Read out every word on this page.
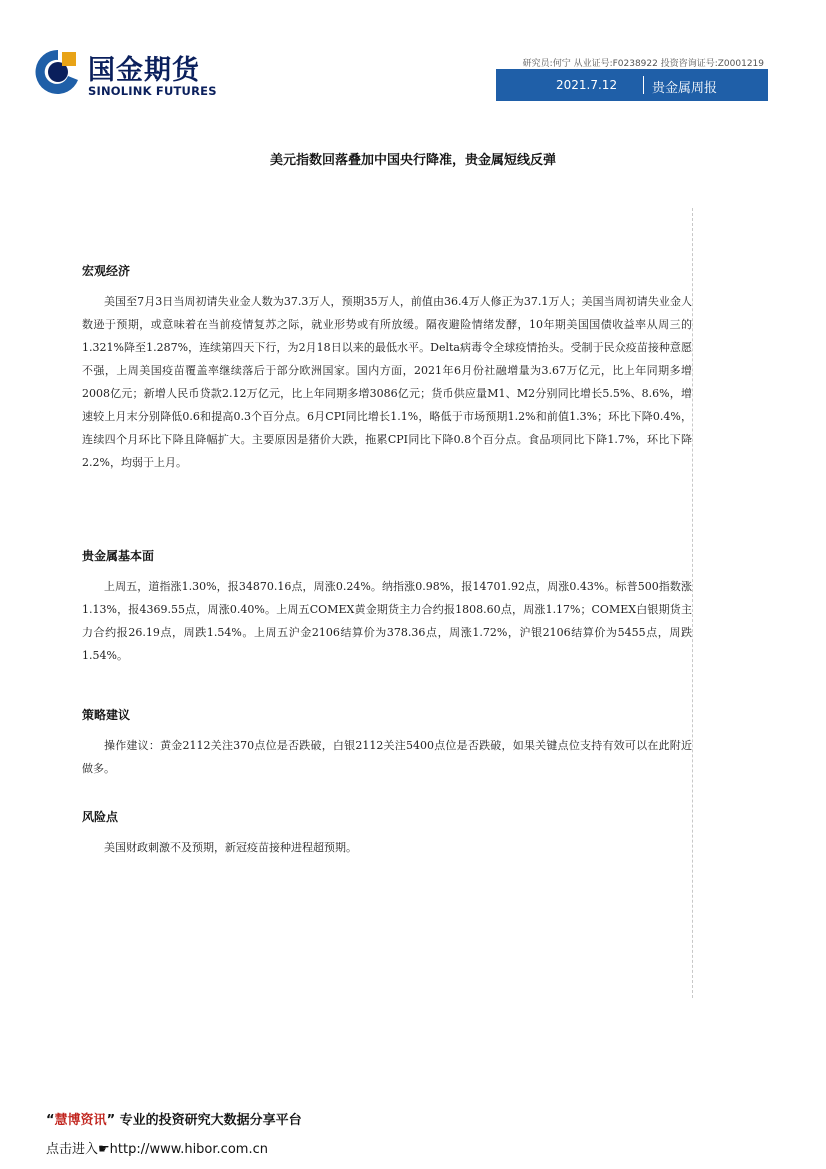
国金期货
SINOLINK FUTURES
研究员:何宁 从业证号:F0238922 投资咨询证号:Z0001219
2021.7.12	贵金属周报
美元指数回落叠加中国央行降准，贵金属短线反弹
宏观经济

美国至7月3日当周初请失业金人数为37.3万人，预期35万人，前值由36.4万人修正为37.1万人；美国当周初请失业金人数逊于预期，或意味着在当前疫情复苏之际，就业形势或有所放缓。隔夜避险情绪发酵，10年期美国国债收益率从周三的1.321%降至1.287%，连续第四天下行，为2月18日以来的最低水平。Delta病毒令全球疫情抬头。受制于民众疫苗接种意愿不强，上周美国疫苗覆盖率继续落后于部分欧洲国家。国内方面，2021年6月份社融增量为3.67万亿元，比上年同期多增2008亿元；新增人民币贷款2.12万亿元，比上年同期多增3086亿元；货币供应量M1、M2分别同比增长5.5%、8.6%，增速较上月末分别降低0.6和提高0.3个百分点。6月CPI同比增长1.1%，略低于市场预期1.2%和前值1.3%；环比下降0.4%，连续四个月环比下降且降幅扩大。主要原因是猪价大跌，拖累CPI同比下降0.8个百分点。食品项同比下降1.7%，环比下降2.2%，均弱于上月。

贵金属基本面

上周五，道指涨1.30%，报34870.16点，周涨0.24%。纳指涨0.98%，报14701.92点，周涨0.43%。标普500指数涨1.13%，报4369.55点，周涨0.40%。上周五COMEX黄金期货主力合约报1808.60点，周涨1.17%；COMEX白银期货主力合约报26.19点，周跌1.54%。上周五沪金2106结算价为378.36点，周涨1.72%，沪银2106结算价为5455点，周跌1.54%。

策略建议

操作建议：黄金2112关注370点位是否跌破，白银2112关注5400点位是否跌破，如果关键点位支持有效可以在此附近做多。

风险点

美国财政刺激不及预期，新冠疫苗接种进程超预期。

“慧博资讯” 专业的投资研究大数据分享平台
点击进入☛http://www.hibor.com.cn
